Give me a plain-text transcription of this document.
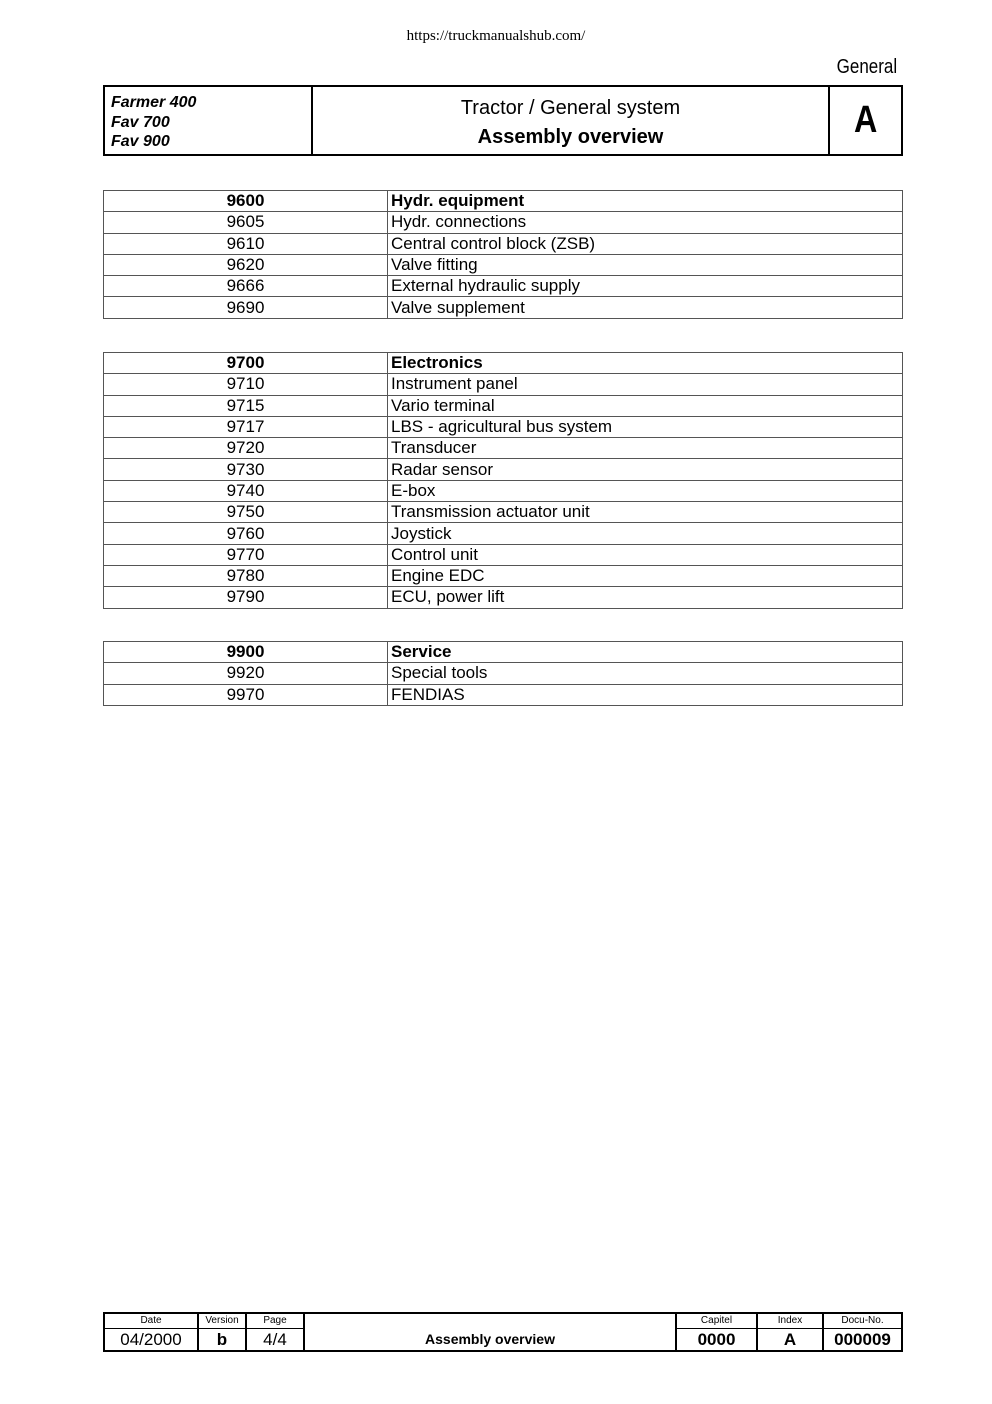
https://truckmanualshub.com/
General
Farmer 400
Fav 700
Fav 900
Tractor / General system
Assembly overview	A
9600	Hydr. equipment
9605	Hydr. connections
9610	Central control block (ZSB)
9620	Valve fitting
9666	External hydraulic supply
9690	Valve supplement
9700	Electronics
9710	Instrument panel
9715	Vario terminal
9717	LBS - agricultural bus system
9720	Transducer
9730	Radar sensor
9740	E-box
9750	Transmission actuator unit
9760	Joystick
9770	Control unit
9780	Engine EDC
9790	ECU, power lift
9900	Service
9920	Special tools
9970	FENDIAS
Date
04/2000
Version
b
Page
4/4	Assembly overview
Capitel
0000
Index
A
Docu-No.
000009
